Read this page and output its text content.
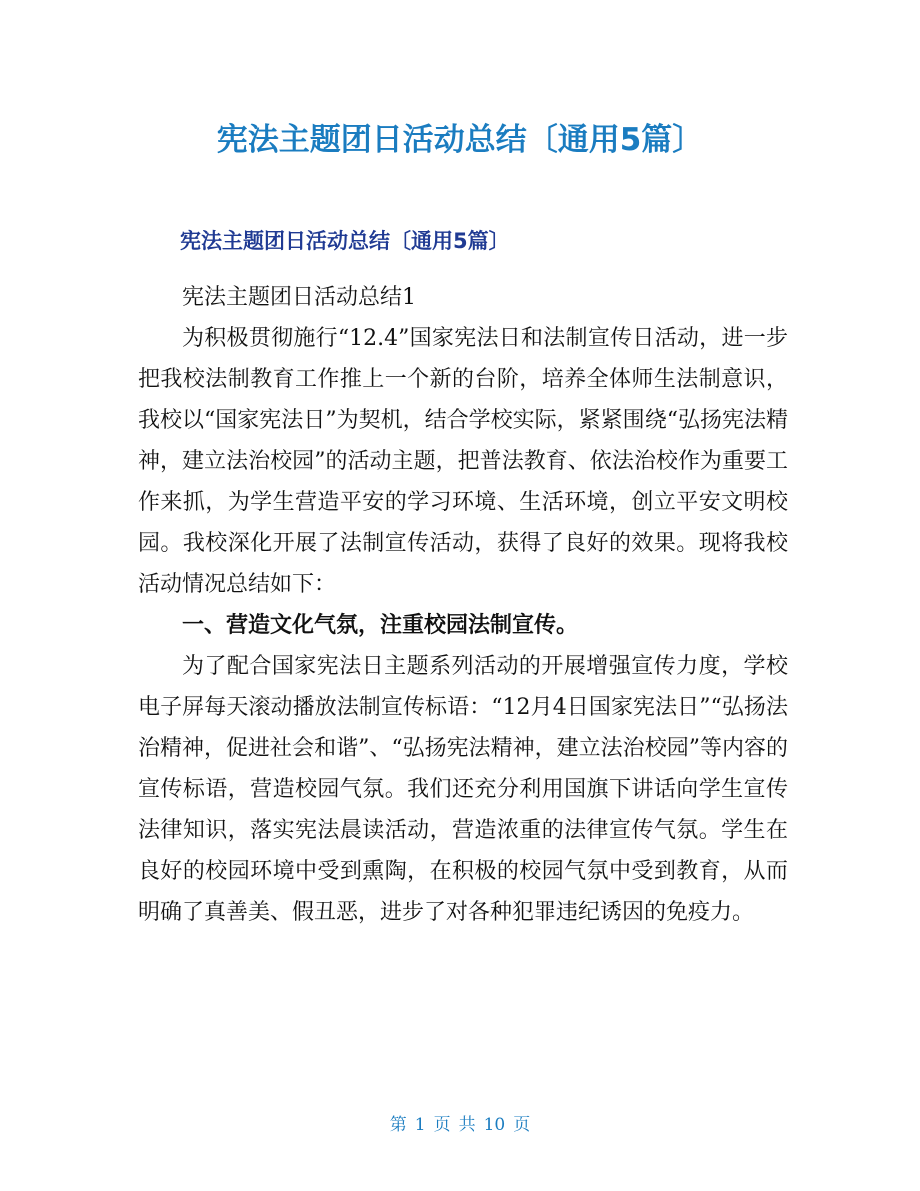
宪法主题团日活动总结〔通用5篇〕
宪法主题团日活动总结〔通用5篇〕

宪法主题团日活动总结1

为积极贯彻施行“12.4”国家宪法日和法制宣传日活动，进一步把我校法制教育工作推上一个新的台阶，培养全体师生法制意识，我校以“国家宪法日”为契机，结合学校实际，紧紧围绕“弘扬宪法精神，建立法治校园”的活动主题，把普法教育、依法治校作为重要工作来抓，为学生营造平安的学习环境、生活环境，创立平安文明校园。我校深化开展了法制宣传活动，获得了良好的效果。现将我校活动情况总结如下：

一、营造文化气氛，注重校园法制宣传。

为了配合国家宪法日主题系列活动的开展增强宣传力度，学校电子屏每天滚动播放法制宣传标语：“12月4日国家宪法日”“弘扬法治精神，促进社会和谐”、“弘扬宪法精神，建立法治校园”等内容的宣传标语，营造校园气氛。我们还充分利用国旗下讲话向学生宣传法律知识，落实宪法晨读活动，营造浓重的法律宣传气氛。学生在良好的校园环境中受到熏陶，在积极的校园气氛中受到教育，从而明确了真善美、假丑恶，进步了对各种犯罪违纪诱因的免疫力。

第 1 页 共 10 页
